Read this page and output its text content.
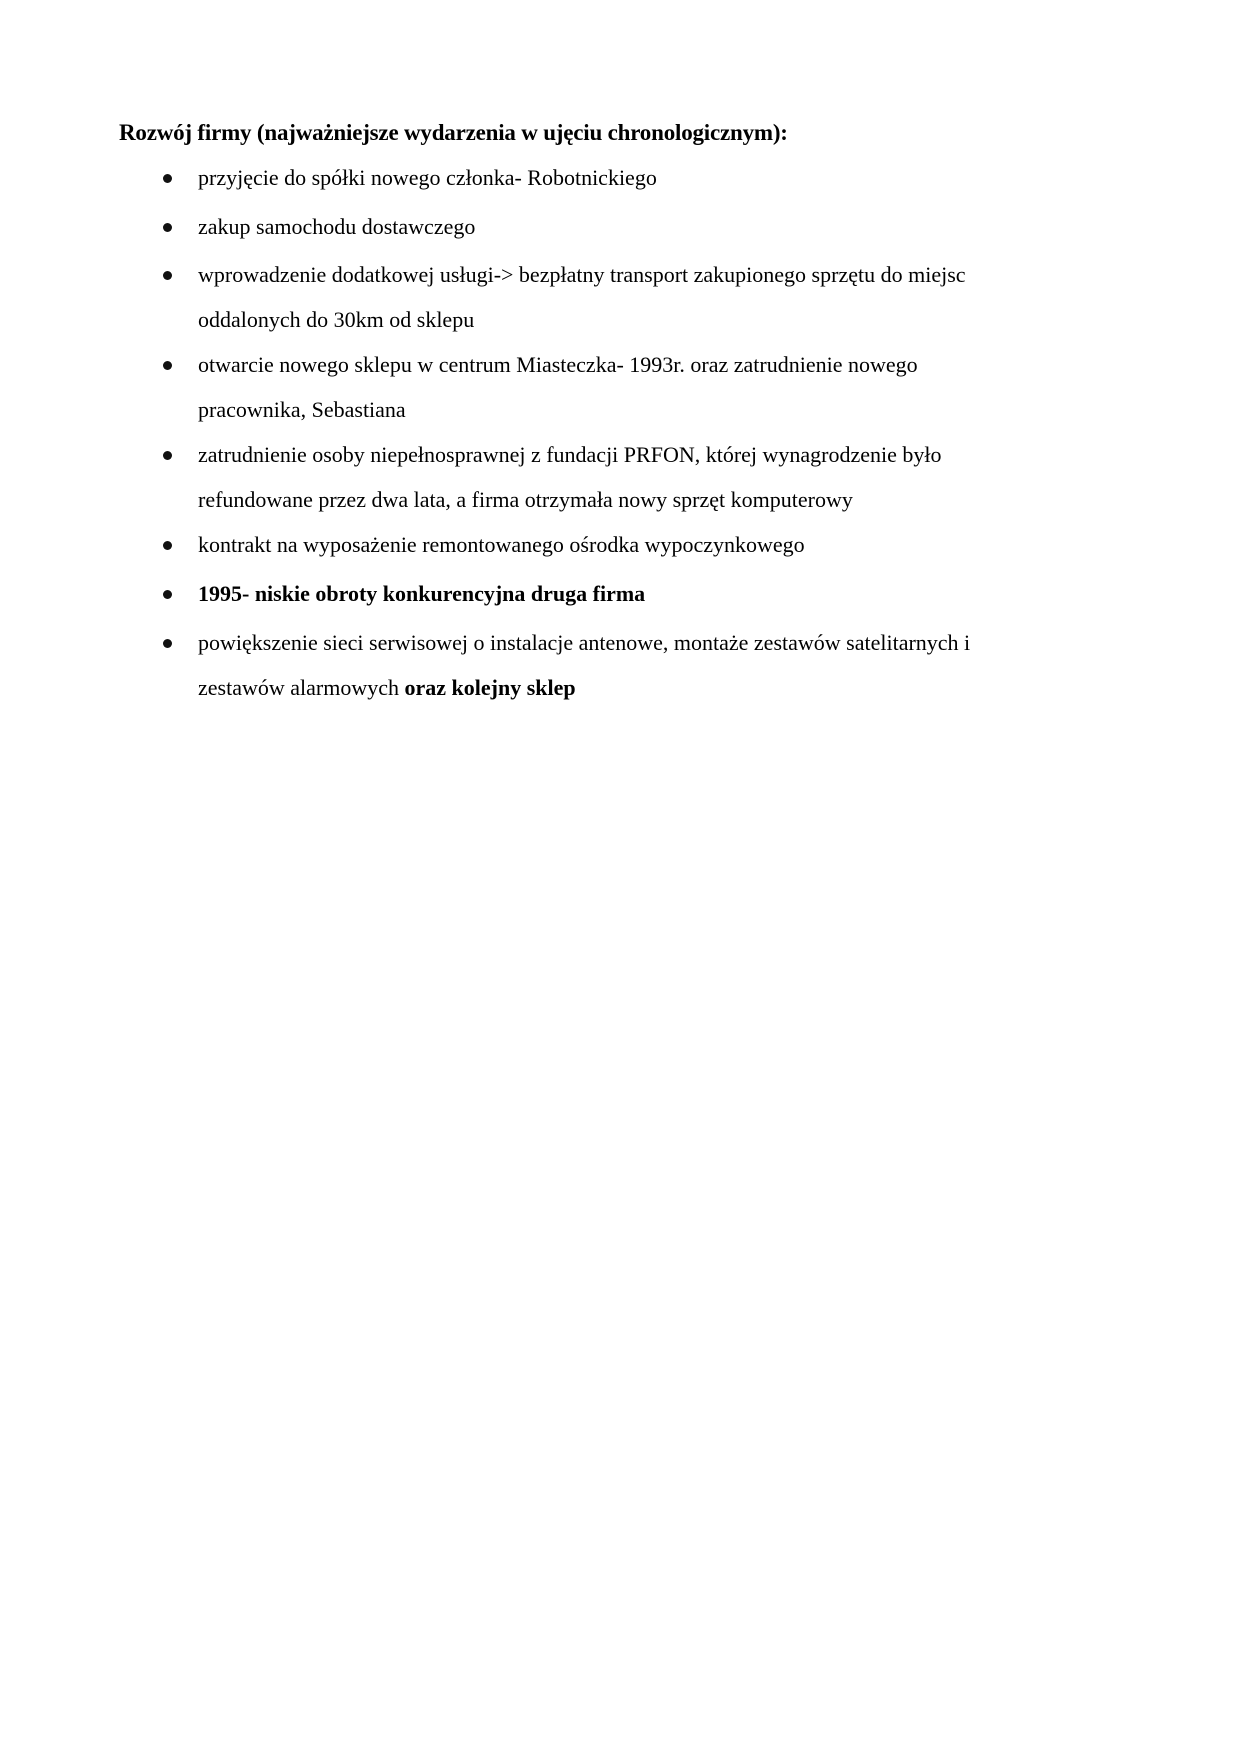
Rozwój firmy (najważniejsze wydarzenia w ujęciu chronologicznym):
przyjęcie do spółki nowego członka- Robotnickiego
zakup samochodu dostawczego
wprowadzenie dodatkowej usługi-> bezpłatny transport zakupionego sprzętu do miejsc
oddalonych do 30km od sklepu
otwarcie nowego sklepu w centrum Miasteczka- 1993r. oraz zatrudnienie nowego
pracownika, Sebastiana
zatrudnienie osoby niepełnosprawnej z fundacji PRFON, której wynagrodzenie było
refundowane przez dwa lata, a firma otrzymała nowy sprzęt komputerowy
kontrakt na wyposażenie remontowanego ośrodka wypoczynkowego
1995- niskie obroty konkurencyjna druga firma
powiększenie sieci serwisowej o instalacje antenowe, montaże zestawów satelitarnych i
zestawów alarmowych oraz kolejny sklep
